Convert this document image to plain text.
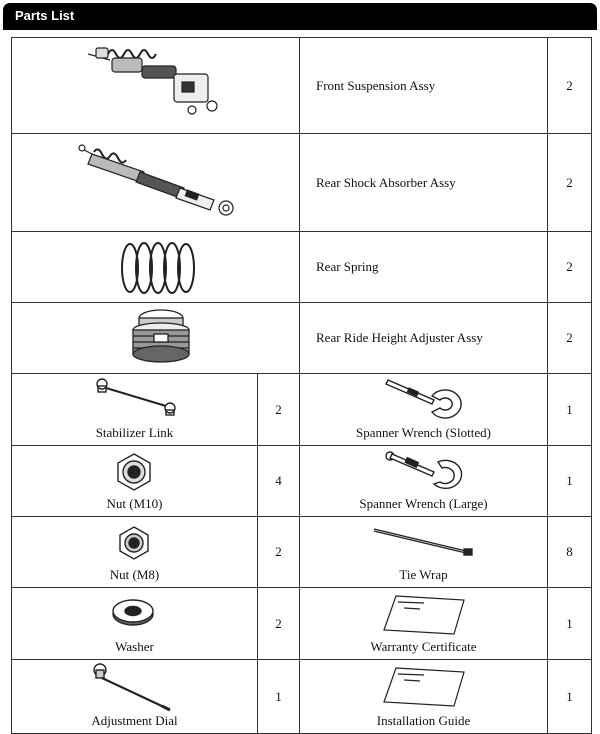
Parts List
	Front Suspension Assy	2

	Rear Shock Absorber Assy	2

	Rear Spring	2

	Rear Ride Height Adjuster Assy	2

Stabilizer Link	2	Spanner Wrench (Slotted)	1

Nut (M10)	4	Spanner Wrench (Large)	1

Nut (M8)	2	Tie Wrap	8

Washer	2	Warranty Certificate	1

Adjustment Dial	1	Installation Guide	1
